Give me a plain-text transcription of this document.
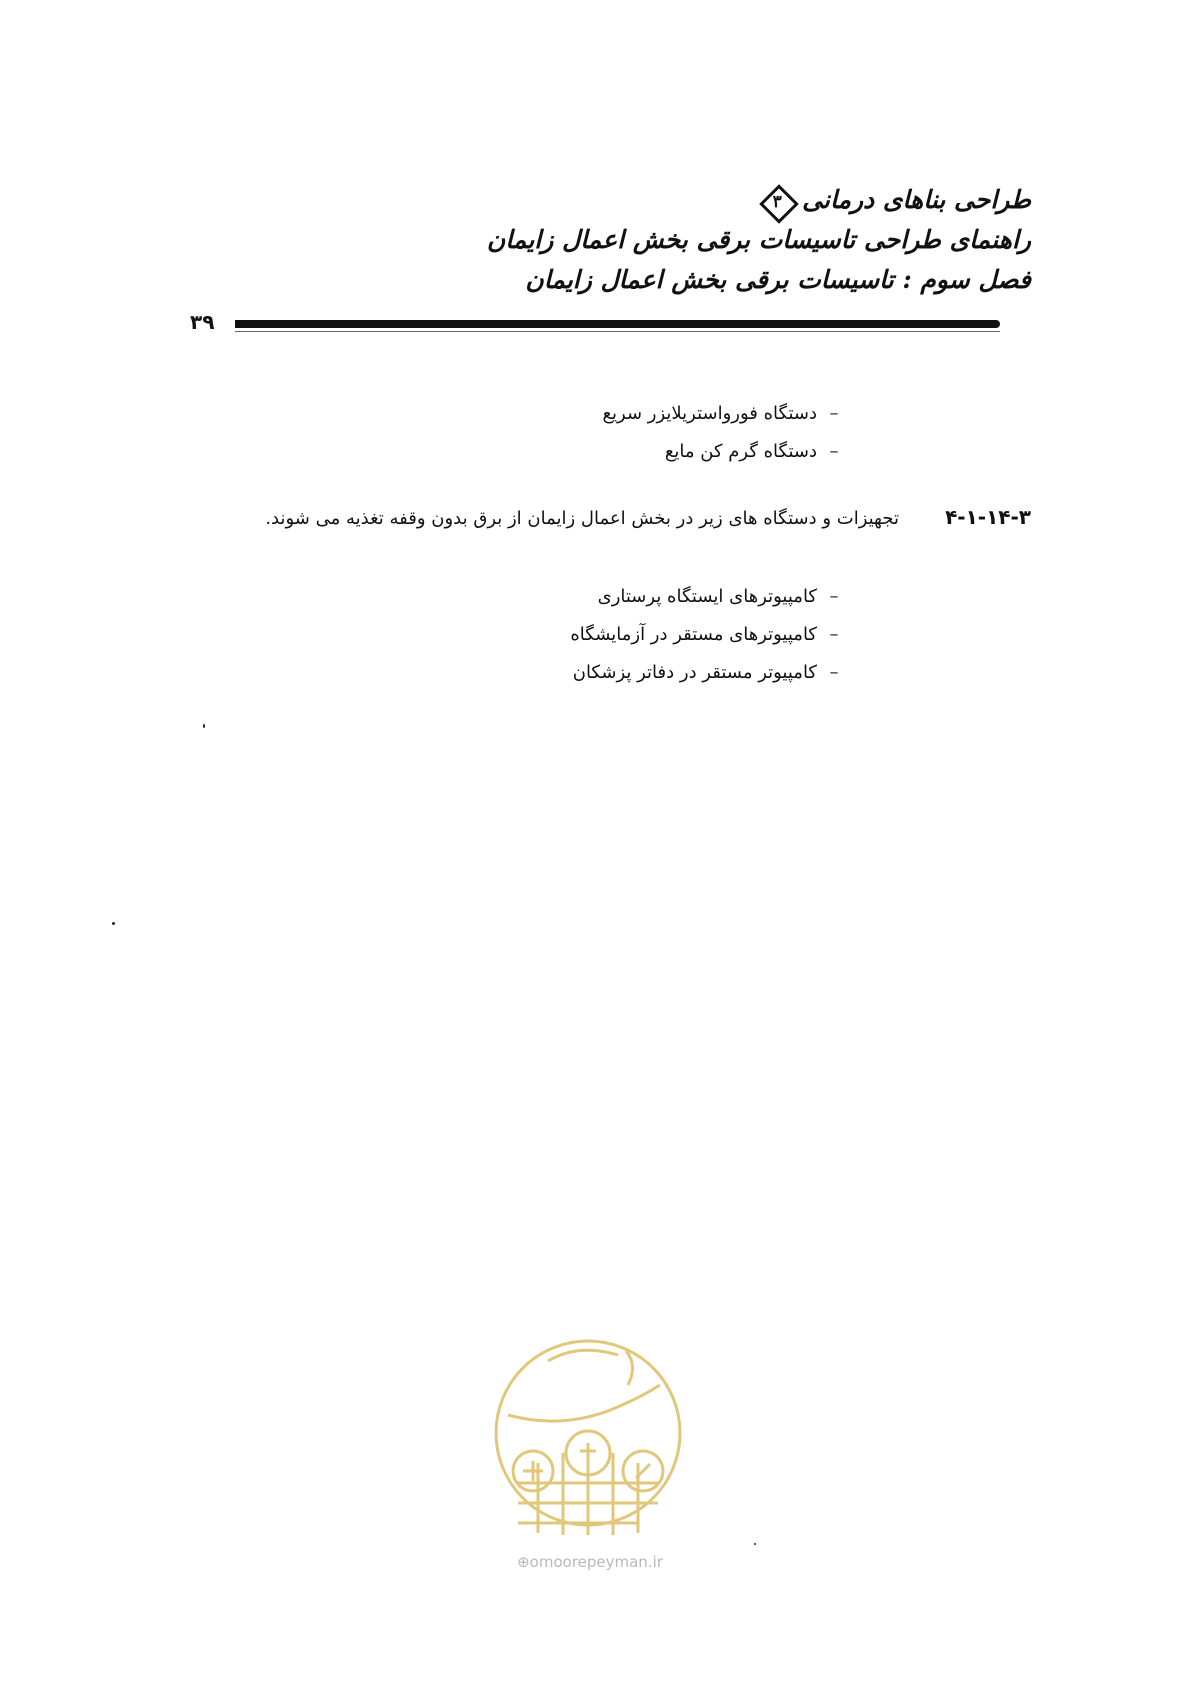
طراحی بناهای درمانی
۳
راهنمای طراحی تاسیسات برقی بخش اعمال زایمان
فصل سوم : تاسیسات برقی بخش اعمال زایمان
۳۹
–دستگاه فورواستریلایزر سریع
–دستگاه گرم کن مایع
۴-۱-۱۴-۳تجهیزات و دستگاه های زیر در بخش اعمال زایمان از برق بدون وقفه تغذیه می شوند.
–کامپیوترهای ایستگاه پرستاری
–کامپیوترهای مستقر در آزمایشگاه
–کامپیوتر مستقر در دفاتر پزشکان
⊕omoorepeyman.ir
